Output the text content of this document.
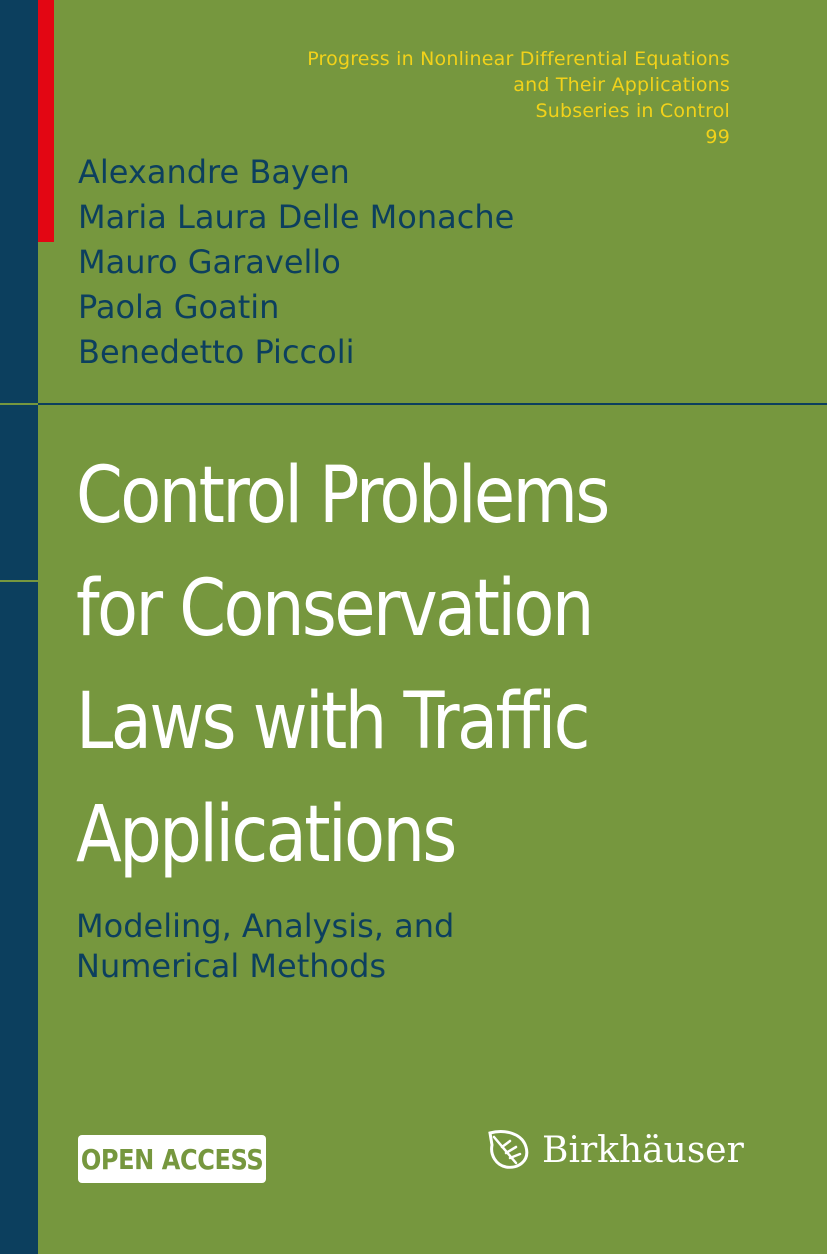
Progress in Nonlinear Differential Equations
and Their Applications
Subseries in Control
99
Alexandre Bayen
Maria Laura Delle Monache
Mauro Garavello
Paola Goatin
Benedetto Piccoli
Control Problems
for Conservation
Laws with Traffic
Applications
Modeling, Analysis, and
Numerical Methods
OPEN ACCESS	Birkhäuser
